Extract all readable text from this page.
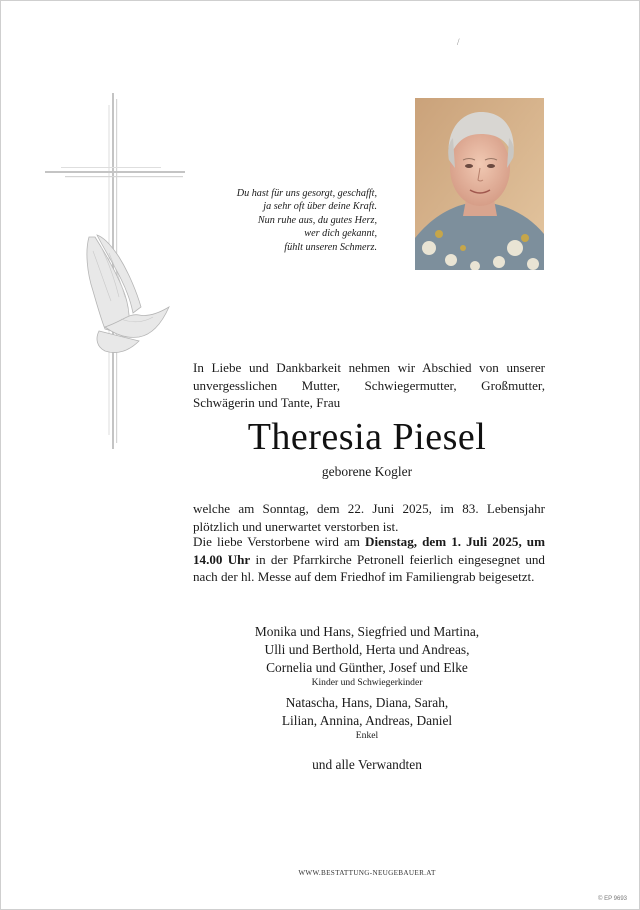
/
Du hast für uns gesorgt, geschafft,
ja sehr oft über deine Kraft.
Nun ruhe aus, du gutes Herz,
wer dich gekannt,
fühlt unseren Schmerz.
In Liebe und Dankbarkeit nehmen wir Abschied von unserer unvergesslichen Mutter, Schwiegermutter, Großmutter, Schwägerin und Tante, Frau
Theresia Piesel
geborene Kogler
welche am Sonntag, dem 22. Juni 2025, im 83. Lebensjahr plötzlich und unerwartet verstorben ist.
Die liebe Verstorbene wird am Dienstag, dem 1. Juli 2025, um 14.00 Uhr in der Pfarrkirche Petronell feierlich eingesegnet und nach der hl. Messe auf dem Friedhof im Familiengrab beigesetzt.
Monika und Hans, Siegfried und Martina,
Ulli und Berthold, Herta und Andreas,
Cornelia und Günther, Josef und Elke
Kinder und Schwiegerkinder
Natascha, Hans, Diana, Sarah,
Lilian, Annina, Andreas, Daniel
Enkel
und alle Verwandten
WWW.BESTATTUNG-NEUGEBAUER.AT
© EP 9693
